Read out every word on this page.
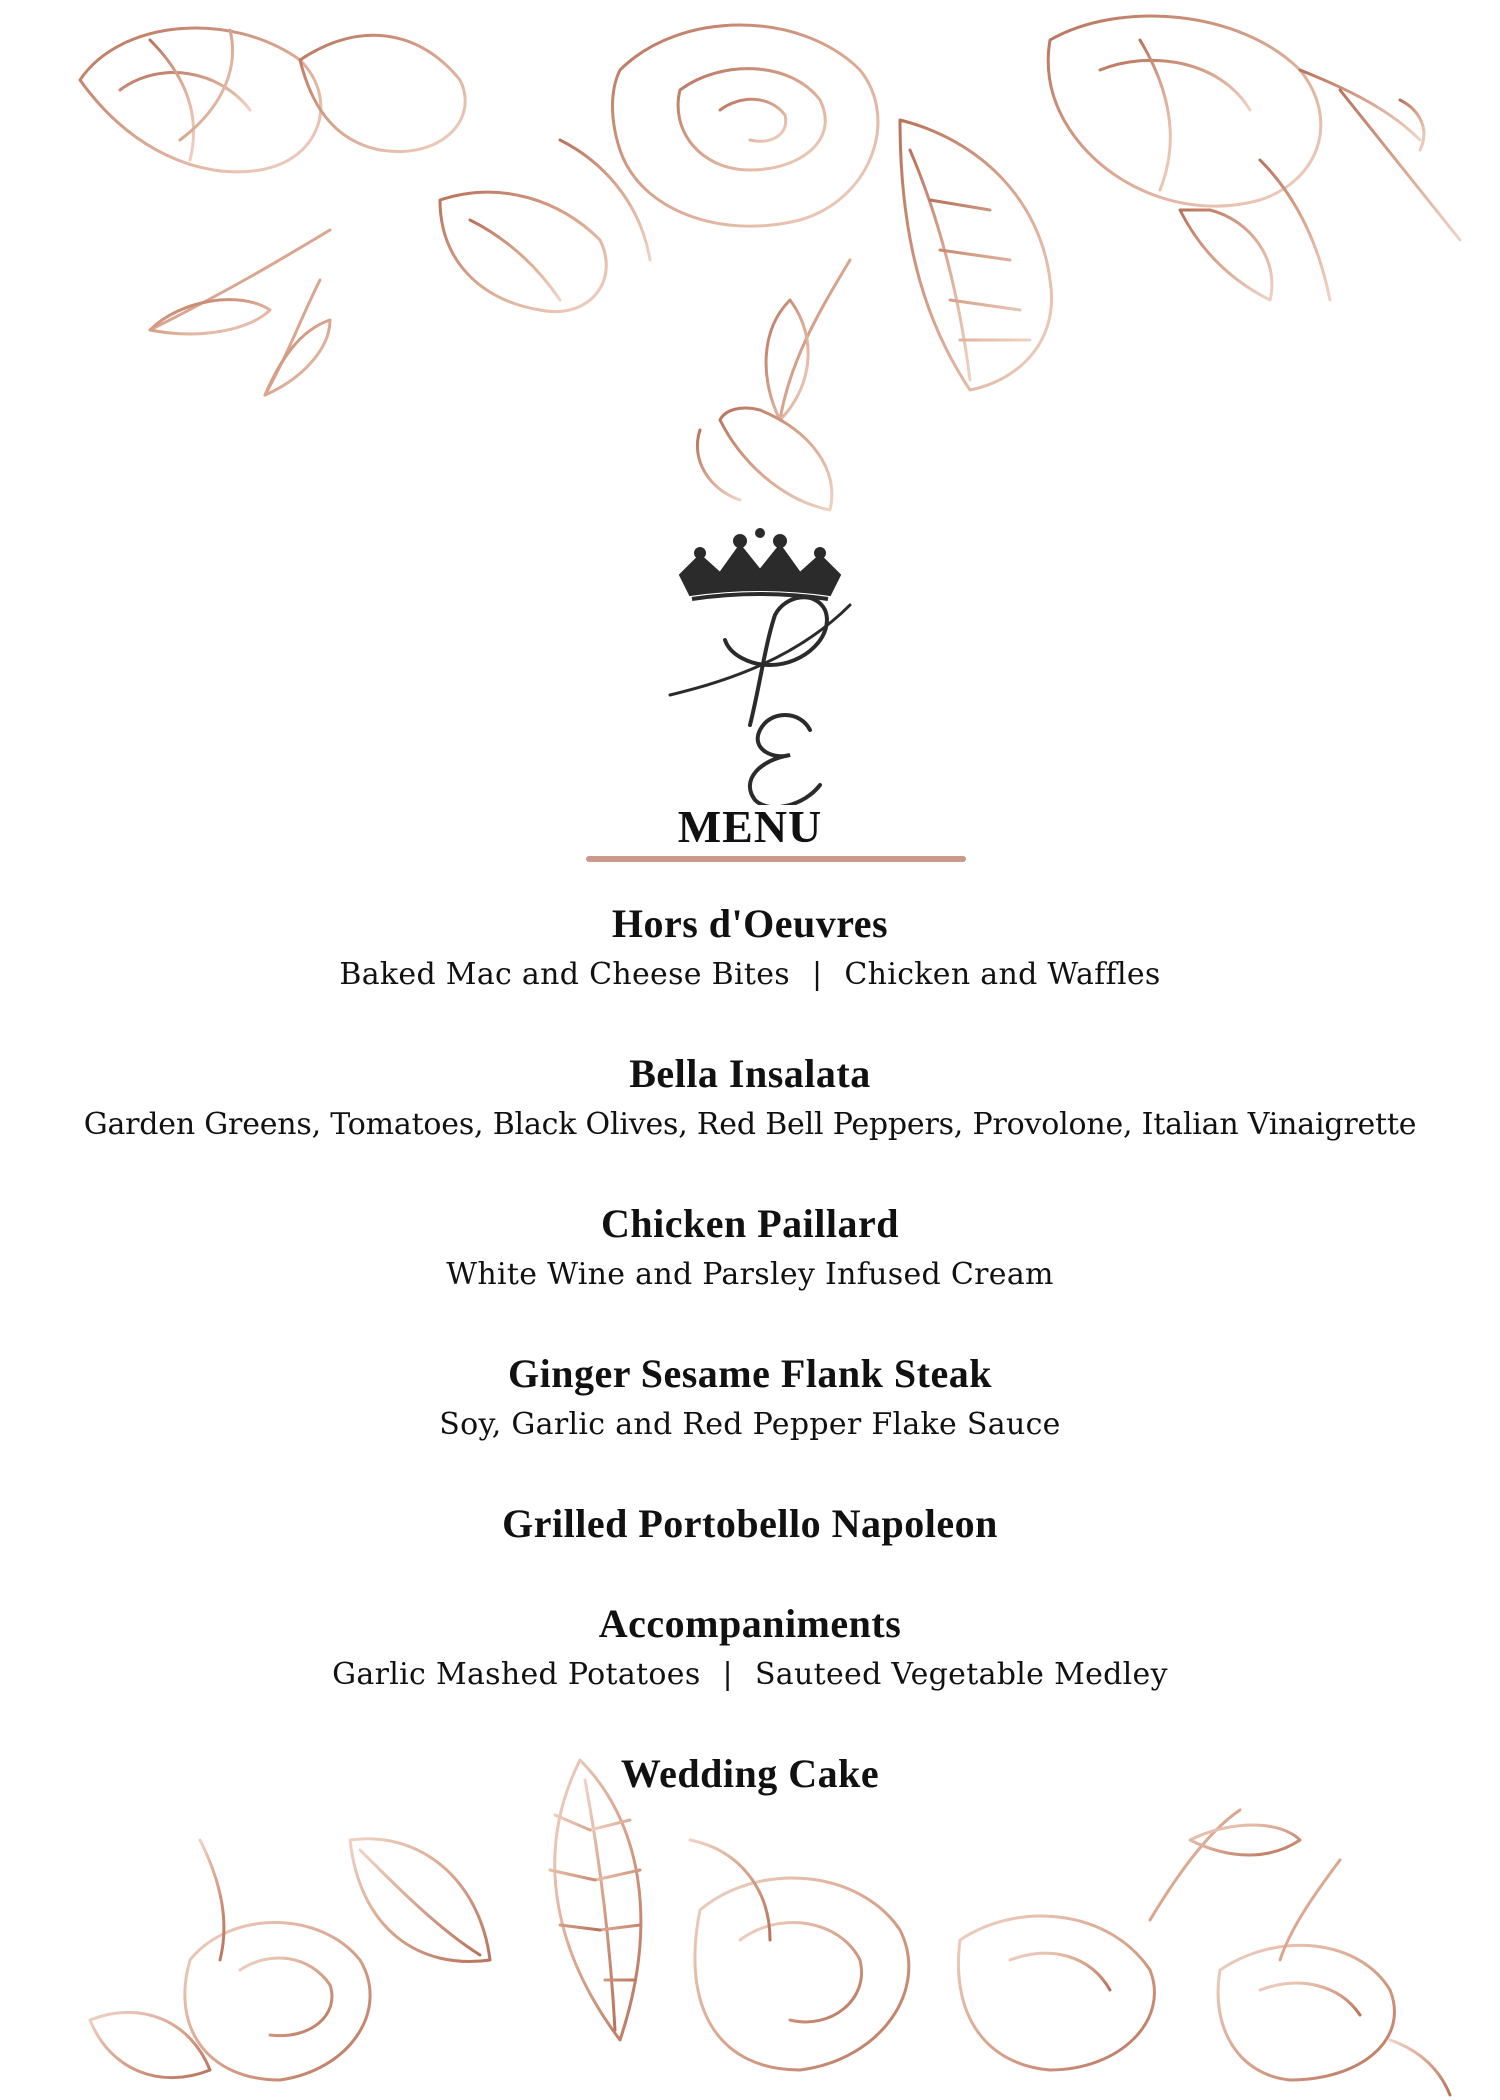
MENU
Hors d'Oeuvres
Baked Mac and Cheese Bites | Chicken and Waffles
Bella Insalata
Garden Greens, Tomatoes, Black Olives, Red Bell Peppers, Provolone, Italian Vinaigrette
Chicken Paillard
White Wine and Parsley Infused Cream
Ginger Sesame Flank Steak
Soy, Garlic and Red Pepper Flake Sauce
Grilled Portobello Napoleon
Accompaniments
Garlic Mashed Potatoes | Sauteed Vegetable Medley
Wedding Cake
